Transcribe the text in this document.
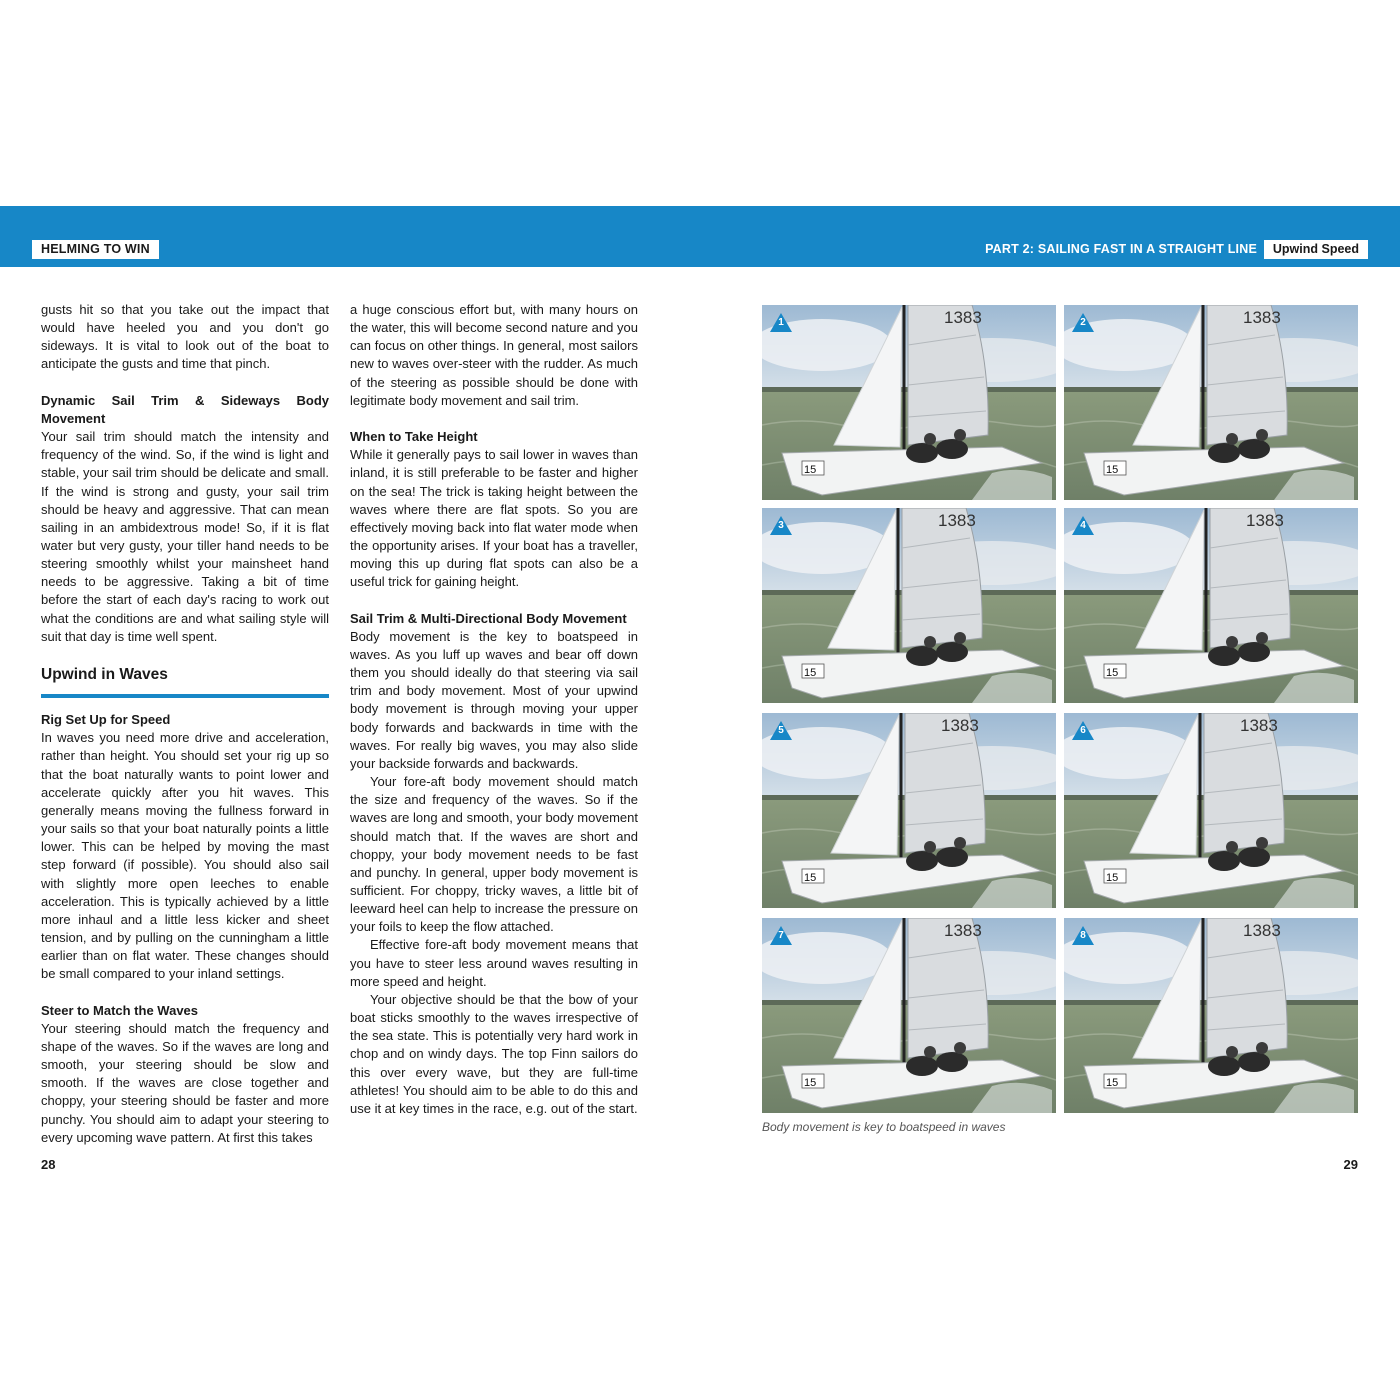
HELMING TO WIN	PART 2: SAILING FAST IN A STRAIGHT LINE	Upwind Speed

gusts hit so that you take out the impact that would have heeled you and you don't go sideways. It is vital to look out of the boat to anticipate the gusts and time that pinch.

Dynamic Sail Trim & Sideways Body Movement

Your sail trim should match the intensity and frequency of the wind. So, if the wind is light and stable, your sail trim should be delicate and small. If the wind is strong and gusty, your sail trim should be heavy and aggressive. That can mean sailing in an ambidextrous mode! So, if it is flat water but very gusty, your tiller hand needs to be steering smoothly whilst your mainsheet hand needs to be aggressive. Taking a bit of time before the start of each day's racing to work out what the conditions are and what sailing style will suit that day is time well spent.

Upwind in Waves

Rig Set Up for Speed

In waves you need more drive and acceleration, rather than height. You should set your rig up so that the boat naturally wants to point lower and accelerate quickly after you hit waves. This generally means moving the fullness forward in your sails so that your boat naturally points a little lower. This can be helped by moving the mast step forward (if possible). You should also sail with slightly more open leeches to enable acceleration. This is typically achieved by a little more inhaul and a little less kicker and sheet tension, and by pulling on the cunningham a little earlier than on flat water. These changes should be small compared to your inland settings.

Steer to Match the Waves

Your steering should match the frequency and shape of the waves. So if the waves are long and smooth, your steering should be slow and smooth. If the waves are close together and choppy, your steering should be faster and more punchy. You should aim to adapt your steering to every upcoming wave pattern. At first this takes

a huge conscious effort but, with many hours on the water, this will become second nature and you can focus on other things. In general, most sailors new to waves over-steer with the rudder. As much of the steering as possible should be done with legitimate body movement and sail trim.

When to Take Height

While it generally pays to sail lower in waves than inland, it is still preferable to be faster and higher on the sea! The trick is taking height between the waves where there are flat spots. So you are effectively moving back into flat water mode when the opportunity arises. If your boat has a traveller, moving this up during flat spots can also be a useful trick for gaining height.

Sail Trim & Multi-Directional Body Movement

Body movement is the key to boatspeed in waves. As you luff up waves and bear off down them you should ideally do that steering via sail trim and body movement. Most of your upwind body movement is through moving your upper body forwards and backwards in time with the waves. For really big waves, you may also slide your backside forwards and backwards.

Your fore-aft body movement should match the size and frequency of the waves. So if the waves are long and smooth, your body movement should match that. If the waves are short and choppy, your body movement needs to be fast and punchy. In general, upper body movement is sufficient. For choppy, tricky waves, a little bit of leeward heel can help to increase the pressure on your foils to keep the flow attached.

Effective fore-aft body movement means that you have to steer less around waves resulting in more speed and height.

Your objective should be that the bow of your boat sticks smoothly to the waves irrespective of the sea state. This is potentially very hard work in chop and on windy days. The top Finn sailors do this over every wave, but they are full-time athletes! You should aim to be able to do this and use it at key times in the race, e.g. out of the start.

1383
15
1	1383
15
2
1383
15
3	1383
15
4
1383
15
5	1383
15
6
1383
15
7	1383
15
8
Body movement is key to boatspeed in waves
28	29
